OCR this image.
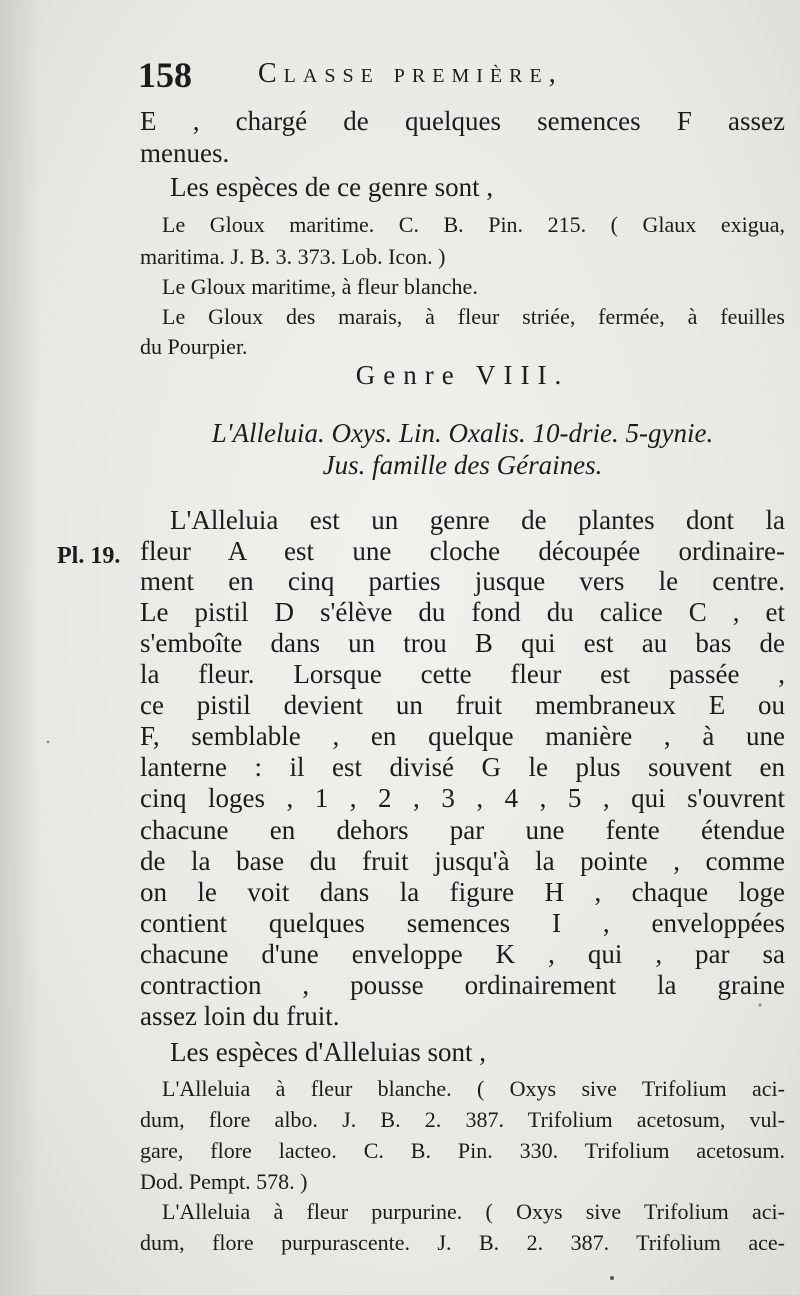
158 Classe première,
Pl. 19.
E , chargé de quelques semences F assez
menues.
Les espèces de ce genre sont ,
Le Gloux maritime. C. B. Pin. 215. ( Glaux exigua,
maritima. J. B. 3. 373. Lob. Icon. )
Le Gloux maritime, à fleur blanche.
Le Gloux des marais, à fleur striée, fermée, à feuilles
du Pourpier.
Genre VIII.
L'Alleluia. Oxys. Lin. Oxalis. 10-drie. 5-gynie.
Jus. famille des Géraines.
L'Alleluia est un genre de plantes dont la
fleur A est une cloche découpée ordinaire-
ment en cinq parties jusque vers le centre.
Le pistil D s'élève du fond du calice C , et
s'emboîte dans un trou B qui est au bas de
la fleur. Lorsque cette fleur est passée ,
ce pistil devient un fruit membraneux E ou
F, semblable , en quelque manière , à une
lanterne : il est divisé G le plus souvent en
cinq loges , 1 , 2 , 3 , 4 , 5 , qui s'ouvrent
chacune en dehors par une fente étendue
de la base du fruit jusqu'à la pointe , comme
on le voit dans la figure H , chaque loge
contient quelques semences I , enveloppées
chacune d'une enveloppe K , qui , par sa
contraction , pousse ordinairement la graine
assez loin du fruit.
Les espèces d'Alleluias sont ,
L'Alleluia à fleur blanche. ( Oxys sive Trifolium aci-
dum, flore albo. J. B. 2. 387. Trifolium acetosum, vul-
gare, flore lacteo. C. B. Pin. 330. Trifolium acetosum.
Dod. Pempt. 578. )
L'Alleluia à fleur purpurine. ( Oxys sive Trifolium aci-
dum, flore purpurascente. J. B. 2. 387. Trifolium ace-
